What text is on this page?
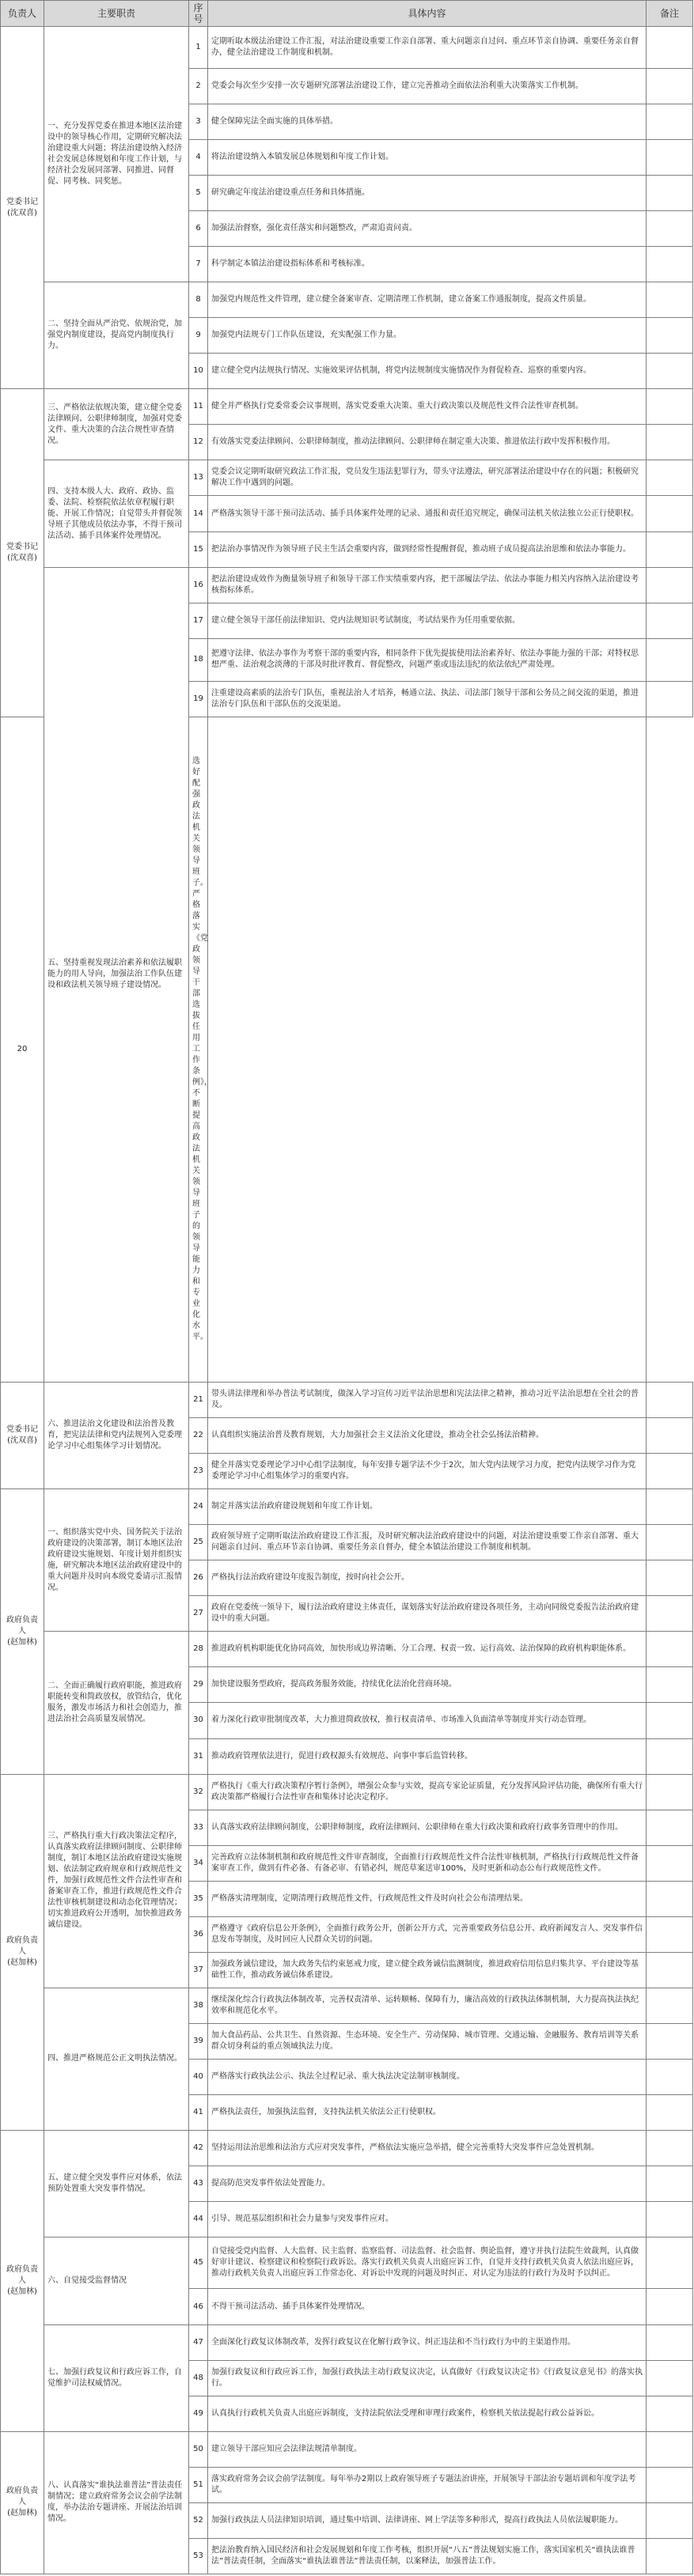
负责人	主要职责	序号	具体内容	备注
党委书记
(沈双喜)	一、充分发挥党委在推进本地区法治建设中的领导核心作用，定期研究解决法治建设重大问题；将法治建设纳入经济社会发展总体规划和年度工作计划，与经济社会发展同部署、同推进、同督促、同考核、同奖惩。	1	定期听取本级法治建设工作汇报，对法治建设重要工作亲自部署、重大问题亲自过问、重点环节亲自协调、重要任务亲自督办，健全法治建设工作制度和机制。	
		2	党委会每次至少安排一次专题研究部署法治建设工作，建立完善推动全面依法治利重大决策落实工作机制。	
		3	健全保障宪法全面实施的具体举措。	
		4	将法治建设纳入本镇发展总体规划和年度工作计划。	
		5	研究确定年度法治建设重点任务和具体措施。	
		6	加强法治督察，强化责任落实和问题整改，严肃追责问责。	
		7	科学制定本镇法治建设指标体系和考核标准。	
	二、坚持全面从严治党、依规治党，加强党内制度建设，提高党内制度执行力。	8	加强党内规范性文件管理，建立健全备案审查、定期清理工作机制，建立备案工作通报制度，提高文件质量。	
		9	加强党内法规专门工作队伍建设，充实配强工作力量。	
		10	建立健全党内法规执行情况、实施效果评估机制，将党内法规制度实施情况作为督促检查、巡察的重要内容。	
党委书记
(沈双喜)	三、严格依法依规决策，建立健全党委法律顾问、公职律师制度，加强对党委文件、重大决策的合法合规性审查情况。	11	健全并严格执行党委常委会议事规则，落实党委重大决策、重大行政决策以及规范性文件合法性审查机制。	
		12	有效落实党委法律顾问、公职律师制度，推动法律顾问、公职律师在制定重大决策、推进依法行政中发挥积极作用。	
	四、支持本级人大、政府、政协、监委、法院、检察院依法依章程履行职能、开展工作情况；自觉带头并督促领导班子其他成员依法办事，不得干预司法活动、插手具体案件处理情况。	13	党委会议定期听取研究政法工作汇报，党员发生违法犯罪行为，带头守法遵法，研究部署法治建设中存在的问题；积极研究解决工作中遇到的问题。	
		14	严格落实领导干部干预司法活动、插手具体案件处理的记录、通报和责任追究规定，确保司法机关依法独立公正行使职权。	
		15	把法治办事情况作为领导班子民主生活会重要内容，做到经常性提醒督促，推动班子成员提高法治思维和依法办事能力。	
	五、坚持重视发现法治素养和依法履职能力的用人导向，加强法治工作队伍建设和政法机关领导班子建设情况。	16	把法治建设成效作为衡量领导班子和领导干部工作实绩重要内容，把干部履法学法、依法办事能力相关内容纳入法治建设考核指标体系。	
		17	建立健全领导干部任前法律知识、党内法规知识考试制度，考试结果作为任用重要依据。	
		18	把遵守法律、依法办事作为考察干部的重要内容，相同条件下优先提拔使用法治素养好、依法办事能力强的干部；对特权思想严重、法治观念淡薄的干部及时批评教育、督促整改，问题严重或违法违纪的依法依纪严肃处理。	
		19	注重建设高素质的法治专门队伍，重视法治人才培养，畅通立法、执法、司法部门领导干部和公务员之间交流的渠道，推进法治专门队伍和干部队伍的交流渠道。	
20		选好配强政法机关领导班子。严格落实《党政领导干部选拔任用工作条例》，不断提高政法机关领导班子的领导能力和专业化水平。		
党委书记
(沈双喜)	六、推进法治文化建设和法治普及教育，把宪法法律和党内法规列入党委理论学习中心组集体学习计划情况。	21	带头讲法律理和举办普法考试制度，做深入学习宣传习近平法治思想和宪法法律之精神，推动习近平法治思想在全社会的普及。	
		22	认真组织实施法治普及教育规划，大力加强社会主义法治文化建设，推动全社会弘扬法治精神。	
		23	健全并落实党委理论学习中心组学法制度，每年安排专题学法不少于2次，加大党内法规学习力度，把党内法规学习作为党委理论学习中心组集体学习的重要内容。	
政府负责人
(赵加林)	一、组织落实党中央、国务院关于法治政府建设的决策部署，制订本地区法治政府建设实施规划、年度计划并组织实施，研究解决本地区法治政府建设中的重大问题并及时向本级党委请示汇报情况。	24	制定并落实法治政府建设规划和年度工作计划。	
		25	政府领导班子定期听取法治政府建设工作汇报，及时研究解决法治政府建设中的问题，对法治建设重要工作亲自部署、重大问题亲自过问、重点环节亲自协调、重要任务亲自督办，健全本镇法治建设工作制度和机制。	
		26	严格执行法治政府建设年度报告制度，按时向社会公开。	
		27	政府在党委统一领导下，履行法治政府建设主体责任，谋划落实好法治政府建设各项任务，主动向同级党委报告法治政府建设中的重大问题。	
	二、全面正确履行政府职能，推进政府职能转变和简政放权，放管结合，优化服务，激发市场活力和社会创造力，推进法治社会高质量发展情况。	28	推进政府机构职能优化协同高效，加快形成边界清晰、分工合理、权责一致、运行高效、法治保障的政府机构职能体系。	
		29	加快建设服务型政府，提高政务服务效能，持续优化法治化营商环境。	
		30	着力深化行政审批制度改革，大力推进简政放权，推行权责清单、市场准入负面清单等制度并实行动态管理。	
		31	推动政府管理依法进行，促进行政权源头有效规范、向事中事后监管转移。	
政府负责人
(赵加林)	三、严格执行重大行政决策法定程序，认真落实政府法律顾问制度、公职律师制度，制订本地区法治政府建设实施规划、依法制定政府规章和行政规范性文件，加强行政规范性文件合法性审查和备案审查工作，推进行政规范性文件合法性审核机制建设和动态化管理情况；切实推进政府公开透明，加快推进政务诚信建设。	32	严格执行《重大行政决策程序暂行条例》，增强公众参与实效，提高专家论证质量，充分发挥风险评估功能，确保所有重大行政决策都严格履行合法性审查和集体讨论决定程序。	
		33	认真落实政府法律顾问制度，公职律师制度，政府法律顾问、公职律师在重大行政决策和政府行政事务管理中的作用。	
		34	完善政府立法体制机制和政府规范性文件审查制度，全面推行行政规范性文件合法性审核机制，严格执行行政规范性文件备案审查工作，做到有件必备、有备必审、有错必纠，规范草案送审100%，及时更新和动态公布行政规范性文件。	
		35	严格落实清理制度，定期清理行政规范性文件，行政规范性文件及时向社会公布清理结果。	
		36	严格遵守《政府信息公开条例》，全面推行政务公开，创新公开方式，完善重要政务信息公开、政府新闻发言人、突发事件信息发布等制度，及时回应人民群众关切的问题。	
		37	加强政务诚信建设，加大政务失信约束惩戒力度，建立健全政务诚信监测制度，推进政府信用信息归集共享、平台建设等基础性工作，推动政务诚信体系建设。	
	四、推进严格规范公正文明执法情况。	38	继续深化综合行政执法体制改革，完善权责清单、运转顺畅、保障有力，廉洁高效的行政执法体制机制，大力提高执法执纪效率和规范化水平。	
		39	加大食品药品、公共卫生、自然资源、生态环境、安全生产、劳动保障、城市管理、交通运输、金融服务、教育培训等关系群众切身利益的重点领域执法力度。	
		40	严格落实行政执法公示、执法全过程记录、重大执法决定法制审核制度。	
		41	严格执法责任，加强执法监督，支持执法机关依法公正行使职权。	
政府负责人
(赵加林)	五、建立健全突发事件应对体系，依法预防处置重大突发事件情况。	42	坚持运用法治思维和法治方式应对突发事件，严格依法实施应急举措，健全完善重特大突发事件应急处置机制。	
		43	提高防范突发事件依法处置能力。	
		44	引导、规范基层组织和社会力量参与突发事件应对。	
	六、自觉接受监督情况	45	自觉接受党内监督、人大监督、民主监督、监察监督、司法监督、社会监督、舆论监督，遵守并执行法院生效裁判，认真做好审计建议、检察建议和检察院行政诉讼。落实行政机关负责人出庭应诉工作，自觉并支持行政机关负责人依法出庭应诉，推动行政机关负责人出庭应诉工作常态化、对诉讼中发现的问题及时纠正、对认定为违法的行政行为及时予以纠正。	
		46	不得干预司法活动、插手具体案件处理情况。	
	七、加强行政复议和行政应诉工作，自觉维护司法权威情况。	47	全面深化行政复议体制改革，发挥行政复议在化解行政争议、纠正违法和不当行政行为中的主渠道作用。	
		48	加强行政复议和行政应诉工作，加强行政执法主动行政复议决定，认真做好《行政复议决定书》《行政复议意见书》的落实执行。	
		49	认真执行行政机关负责人出庭应诉制度，支持法院依法受理和审理行政案件，检察机关依法提起行政公益诉讼。	
政府负责人
(赵加林)	八、认真落实“谁执法谁普法”普法责任制情况；建立政府常务会议会前学法制度，举办法治专题讲座、开展法治培训情况。	50	建立领导干部应知应会法律法规清单制度。	
		51	落实政府常务会议会前学法制度。每年举办2期以上政府领导班子专题法治讲座，开展领导干部法治专题培训和年度学法考试。	
		52	加强行政执法人员法律知识培训，通过集中培训、法律讲座、网上学法等多种形式，提高行政执法人员依法履职能力。	
		53	把法治教育纳入国民经济和社会发展规划和年度工作考核，组织开展“八五”普法规划实施工作，落实国家机关“谁执法谁普法”普法责任制，全面落实“谁执法谁普法”普法责任制，以案释法，加强普法工作。	
